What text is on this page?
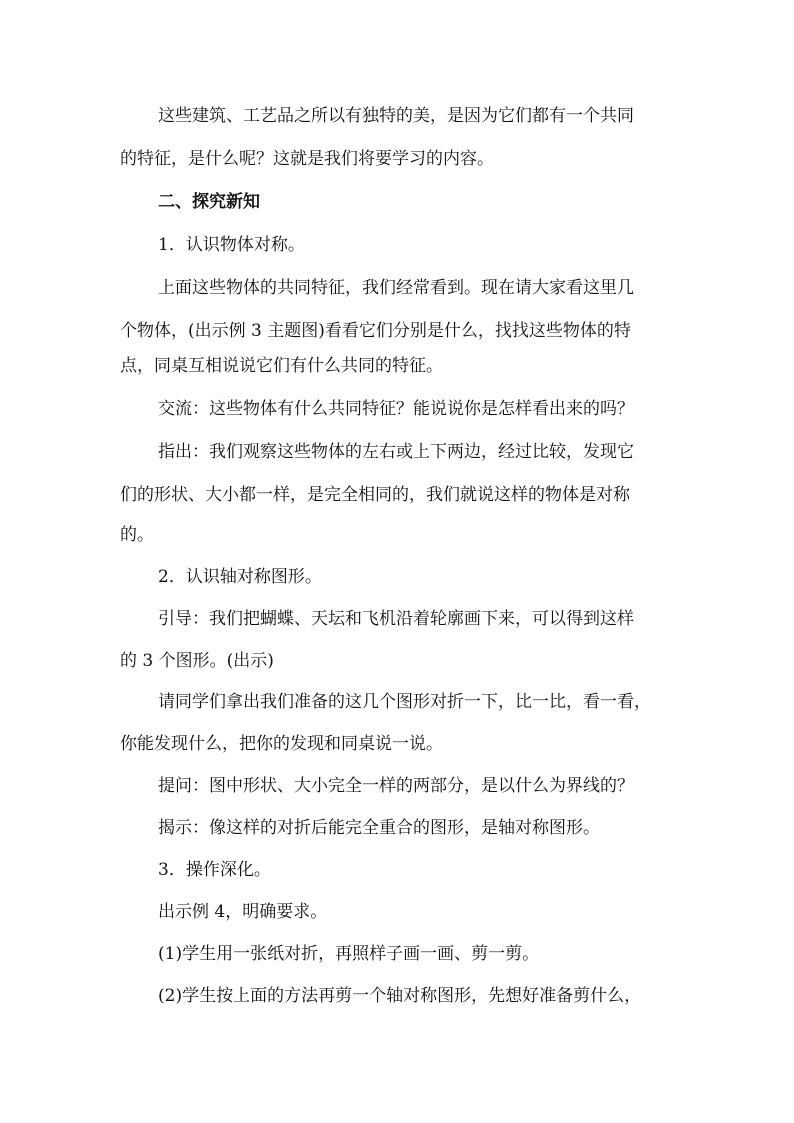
这些建筑、工艺品之所以有独特的美，是因为它们都有一个共同
的特征，是什么呢？这就是我们将要学习的内容。
二、探究新知
1．认识物体对称。
上面这些物体的共同特征，我们经常看到。现在请大家看这里几
个物体，(出示例 3 主题图)看看它们分别是什么，找找这些物体的特
点，同桌互相说说它们有什么共同的特征。
交流：这些物体有什么共同特征？能说说你是怎样看出来的吗？
指出：我们观察这些物体的左右或上下两边，经过比较，发现它
们的形状、大小都一样，是完全相同的，我们就说这样的物体是对称
的。
2．认识轴对称图形。
引导：我们把蝴蝶、天坛和飞机沿着轮廓画下来，可以得到这样
的 3 个图形。(出示)
请同学们拿出我们准备的这几个图形对折一下，比一比，看一看，
你能发现什么，把你的发现和同桌说一说。
提问：图中形状、大小完全一样的两部分，是以什么为界线的？
揭示：像这样的对折后能完全重合的图形，是轴对称图形。
3．操作深化。
出示例 4，明确要求。
(1)学生用一张纸对折，再照样子画一画、剪一剪。
(2)学生按上面的方法再剪一个轴对称图形，先想好准备剪什么，
